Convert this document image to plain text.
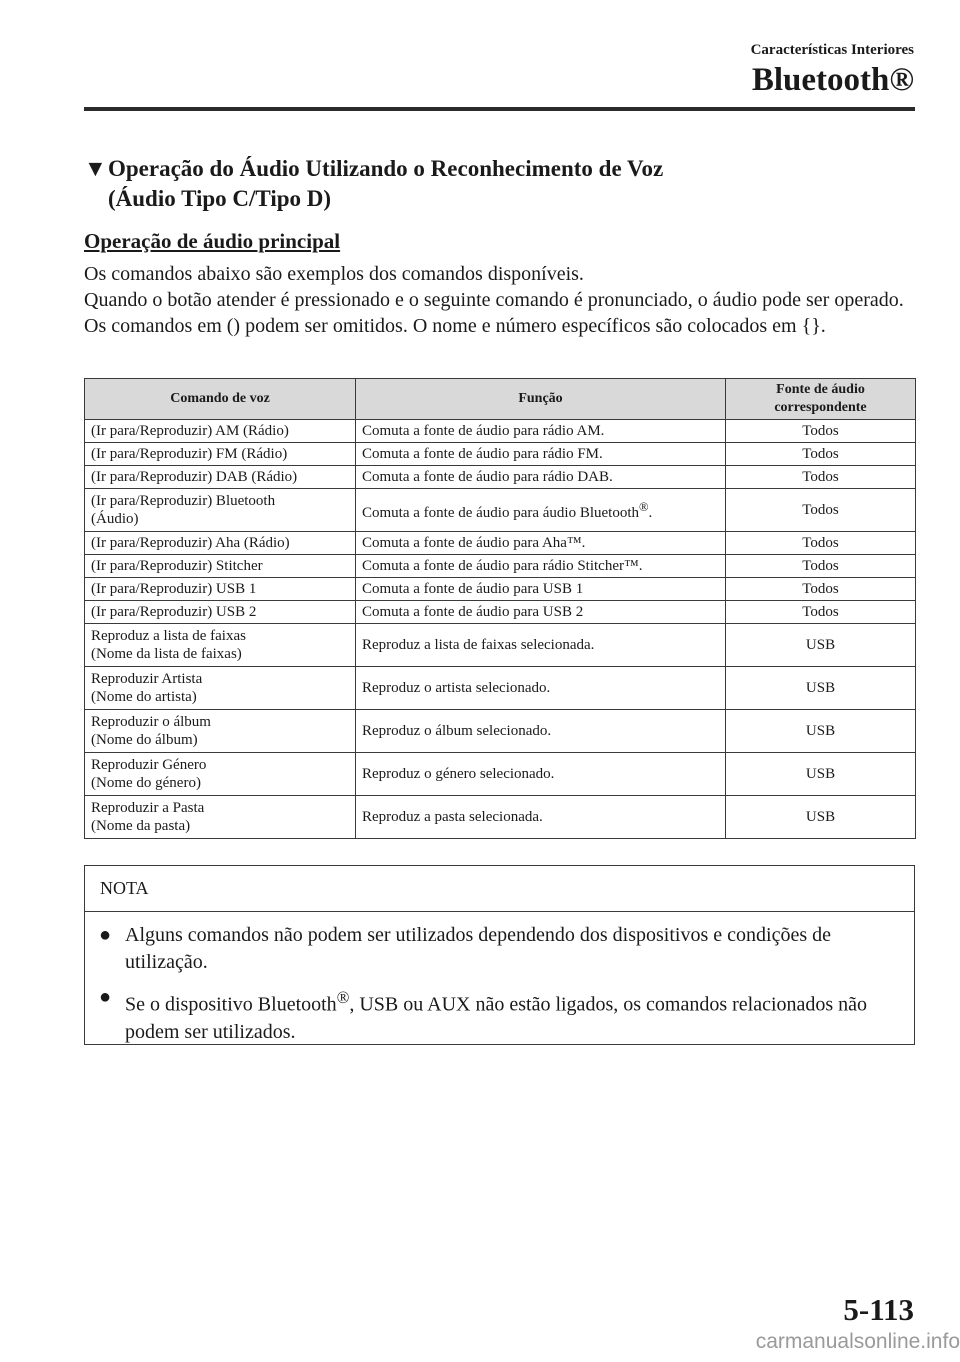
Características Interiores
Bluetooth®
▼Operação do Áudio Utilizando o Reconhecimento de Voz
(Áudio Tipo C/Tipo D)
Operação de áudio principal

Os comandos abaixo são exemplos dos comandos disponíveis.

Quando o botão atender é pressionado e o seguinte comando é pronunciado, o áudio pode ser operado. Os comandos em () podem ser omitidos. O nome e número específicos são colocados em {}.

Comando de voz	Função	Fonte de áudio
correspondente
(Ir para/Reproduzir) AM (Rádio)	Comuta a fonte de áudio para rádio AM.	Todos
(Ir para/Reproduzir) FM (Rádio)	Comuta a fonte de áudio para rádio FM.	Todos
(Ir para/Reproduzir) DAB (Rádio)	Comuta a fonte de áudio para rádio DAB.	Todos
(Ir para/Reproduzir) Bluetooth
(Áudio)	Comuta a fonte de áudio para áudio Bluetooth®.	Todos
(Ir para/Reproduzir) Aha (Rádio)	Comuta a fonte de áudio para Aha™.	Todos
(Ir para/Reproduzir) Stitcher	Comuta a fonte de áudio para rádio Stitcher™.	Todos
(Ir para/Reproduzir) USB 1	Comuta a fonte de áudio para USB 1	Todos
(Ir para/Reproduzir) USB 2	Comuta a fonte de áudio para USB 2	Todos
Reproduz a lista de faixas
(Nome da lista de faixas)	Reproduz a lista de faixas selecionada.	USB
Reproduzir Artista
(Nome do artista)	Reproduz o artista selecionado.	USB
Reproduzir o álbum
(Nome do álbum)	Reproduz o álbum selecionado.	USB
Reproduzir Género
(Nome do género)	Reproduz o género selecionado.	USB
Reproduzir a Pasta
(Nome da pasta)	Reproduz a pasta selecionada.	USB
NOTA
● Alguns comandos não podem ser utilizados dependendo dos dispositivos e condições de utilização.
● Se o dispositivo Bluetooth®, USB ou AUX não estão ligados, os comandos relacionados não podem ser utilizados.
5-113
carmanualsonline.info
